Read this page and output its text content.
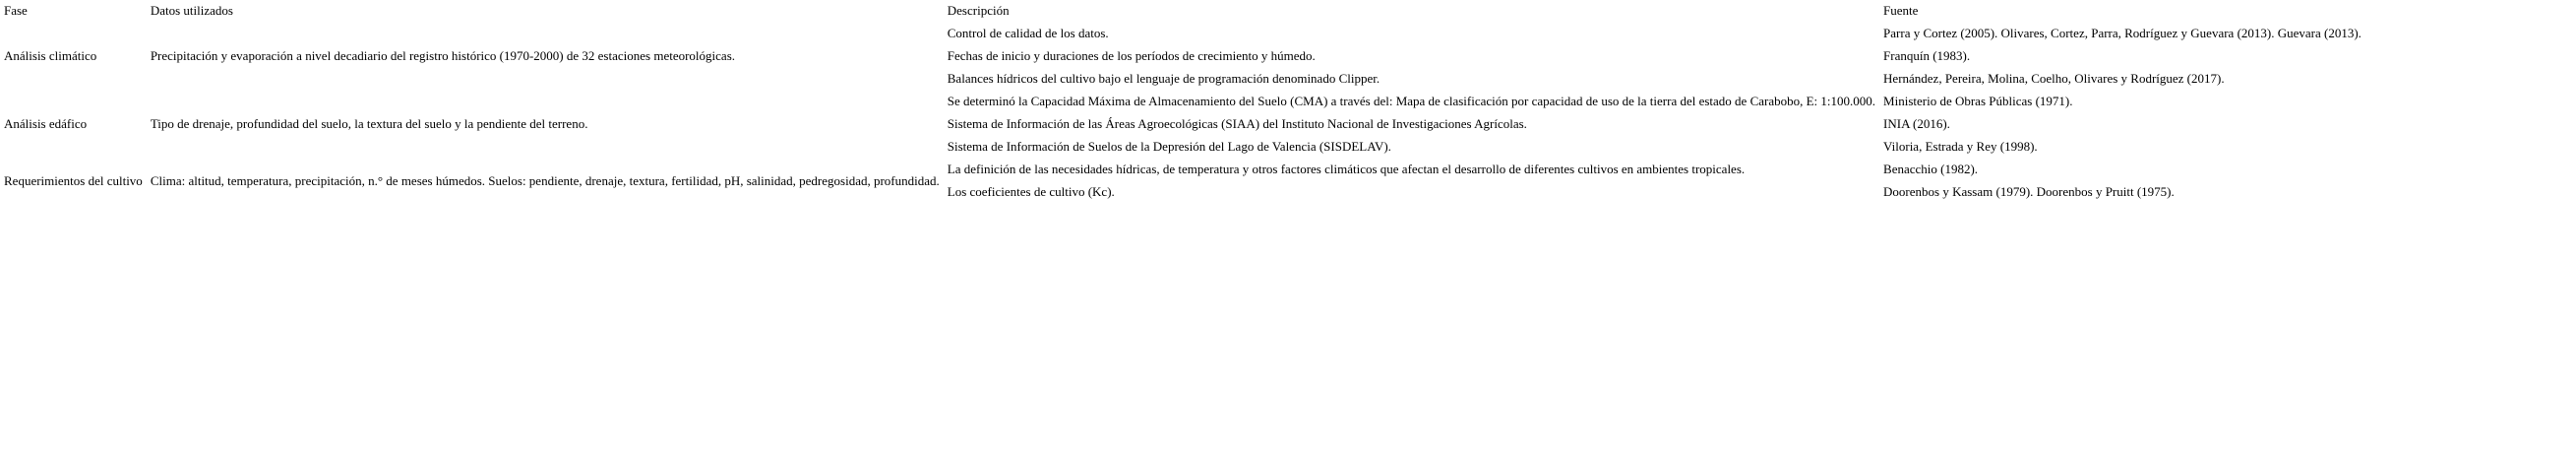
Fase	Datos utilizados	Descripción	Fuente
Análisis climático	Precipitación y evaporación a nivel decadiario del registro histórico (1970-2000) de 32 estaciones meteorológicas.	Control de calidad de los datos.	Parra y Cortez (2005). Olivares, Cortez, Parra, Rodríguez y Guevara (2013). Guevara (2013).
		Fechas de inicio y duraciones de los períodos de crecimiento y húmedo.	Franquín (1983).
		Balances hídricos del cultivo bajo el lenguaje de programación denominado Clipper.	Hernández, Pereira, Molina, Coelho, Olivares y Rodríguez (2017).
Análisis edáfico	Tipo de drenaje, profundidad del suelo, la textura del suelo y la pendiente del terreno.	Se determinó la Capacidad Máxima de Almacenamiento del Suelo (CMA) a través del: Mapa de clasificación por capacidad de uso de la tierra del estado de Carabobo, E: 1:100.000.	Ministerio de Obras Públicas (1971).
		Sistema de Información de las Áreas Agroecológicas (SIAA) del Instituto Nacional de Investigaciones Agrícolas.	INIA (2016).
		Sistema de Información de Suelos de la Depresión del Lago de Valencia (SISDELAV).	Viloria, Estrada y Rey (1998).
Requerimientos del cultivo	Clima: altitud, temperatura, precipitación, n.° de meses húmedos. Suelos: pendiente, drenaje, textura, fertilidad, pH, salinidad, pedregosidad, profundidad.	La definición de las necesidades hídricas, de temperatura y otros factores climáticos que afectan el desarrollo de diferentes cultivos en ambientes tropicales.	Benacchio (1982).
		Los coeficientes de cultivo (Kc).	Doorenbos y Kassam (1979). Doorenbos y Pruitt (1975).
